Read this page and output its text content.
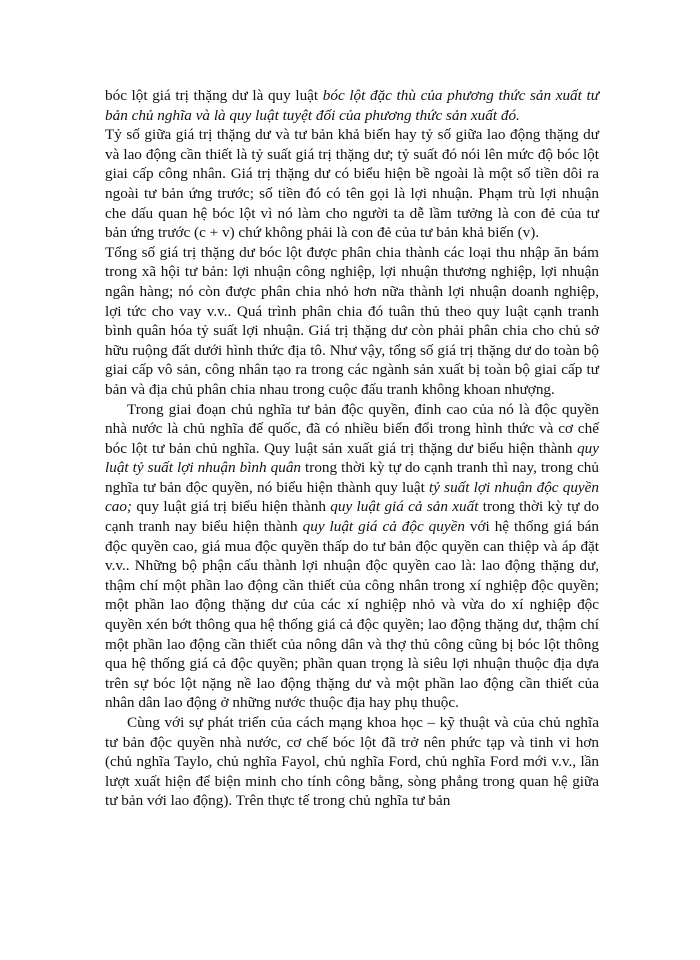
bóc lột giá trị thặng dư là quy luật bóc lột đặc thù của phương thức sản xuất tư bản chủ nghĩa và là quy luật tuyệt đối của phương thức sản xuất đó.

Tỷ số giữa giá trị thặng dư và tư bản khả biến hay tỷ số giữa lao động thặng dư và lao động cần thiết là tỷ suất giá trị thặng dư; tỷ suất đó nói lên mức độ bóc lột giai cấp công nhân. Giá trị thặng dư có biểu hiện bề ngoài là một số tiền dôi ra ngoài tư bản ứng trước; số tiền đó có tên gọi là lợi nhuận. Phạm trù lợi nhuận che dấu quan hệ bóc lột vì nó làm cho người ta dễ lầm tưởng là con đẻ của tư bản ứng trước (c + v) chứ không phải là con đẻ của tư bản khả biến (v).

Tổng số giá trị thặng dư bóc lột được phân chia thành các loại thu nhập ăn bám trong xã hội tư bản: lợi nhuận công nghiệp, lợi nhuận thương nghiệp, lợi nhuận ngân hàng; nó còn được phân chia nhỏ hơn nữa thành lợi nhuận doanh nghiệp, lợi tức cho vay v.v.. Quá trình phân chia đó tuân thủ theo quy luật cạnh tranh bình quân hóa tỷ suất lợi nhuận. Giá trị thặng dư còn phải phân chia cho chủ sở hữu ruộng đất dưới hình thức địa tô. Như vậy, tổng số giá trị thặng dư do toàn bộ giai cấp vô sản, công nhân tạo ra trong các ngành sản xuất bị toàn bộ giai cấp tư bản và địa chủ phân chia nhau trong cuộc đấu tranh không khoan nhượng.

Trong giai đoạn chủ nghĩa tư bản độc quyền, đỉnh cao của nó là độc quyền nhà nước là chủ nghĩa đế quốc, đã có nhiều biến đổi trong hình thức và cơ chế bóc lột tư bản chủ nghĩa. Quy luật sản xuất giá trị thặng dư biểu hiện thành quy luật tỷ suất lợi nhuận bình quân trong thời kỳ tự do cạnh tranh thì nay, trong chủ nghĩa tư bản độc quyền, nó biểu hiện thành quy luật tỷ suất lợi nhuận độc quyền cao; quy luật giá trị biểu hiện thành quy luật giá cả sản xuất trong thời kỳ tự do cạnh tranh nay biểu hiện thành quy luật giá cả độc quyền với hệ thống giá bán độc quyền cao, giá mua độc quyền thấp do tư bản độc quyền can thiệp và áp đặt v.v.. Những bộ phận cấu thành lợi nhuận độc quyền cao là: lao động thặng dư, thậm chí một phần lao động cần thiết của công nhân trong xí nghiệp độc quyền; một phần lao động thặng dư của các xí nghiệp nhỏ và vừa do xí nghiệp độc quyền xén bớt thông qua hệ thống giá cả độc quyền; lao động thặng dư, thậm chí một phần lao động cần thiết của nông dân và thợ thủ công cũng bị bóc lột thông qua hệ thống giá cả độc quyền; phần quan trọng là siêu lợi nhuận thuộc địa dựa trên sự bóc lột nặng nề lao động thặng dư và một phần lao động cần thiết của nhân dân lao động ở những nước thuộc địa hay phụ thuộc.

Cùng với sự phát triển của cách mạng khoa học – kỹ thuật và của chủ nghĩa tư bản độc quyền nhà nước, cơ chế bóc lột đã trở nên phức tạp và tinh vi hơn (chủ nghĩa Taylo, chủ nghĩa Fayol, chủ nghĩa Ford, chủ nghĩa Ford mới v.v., lần lượt xuất hiện để biện minh cho tính công bằng, sòng phẳng trong quan hệ giữa tư bản với lao động). Trên thực tế trong chủ nghĩa tư bản
